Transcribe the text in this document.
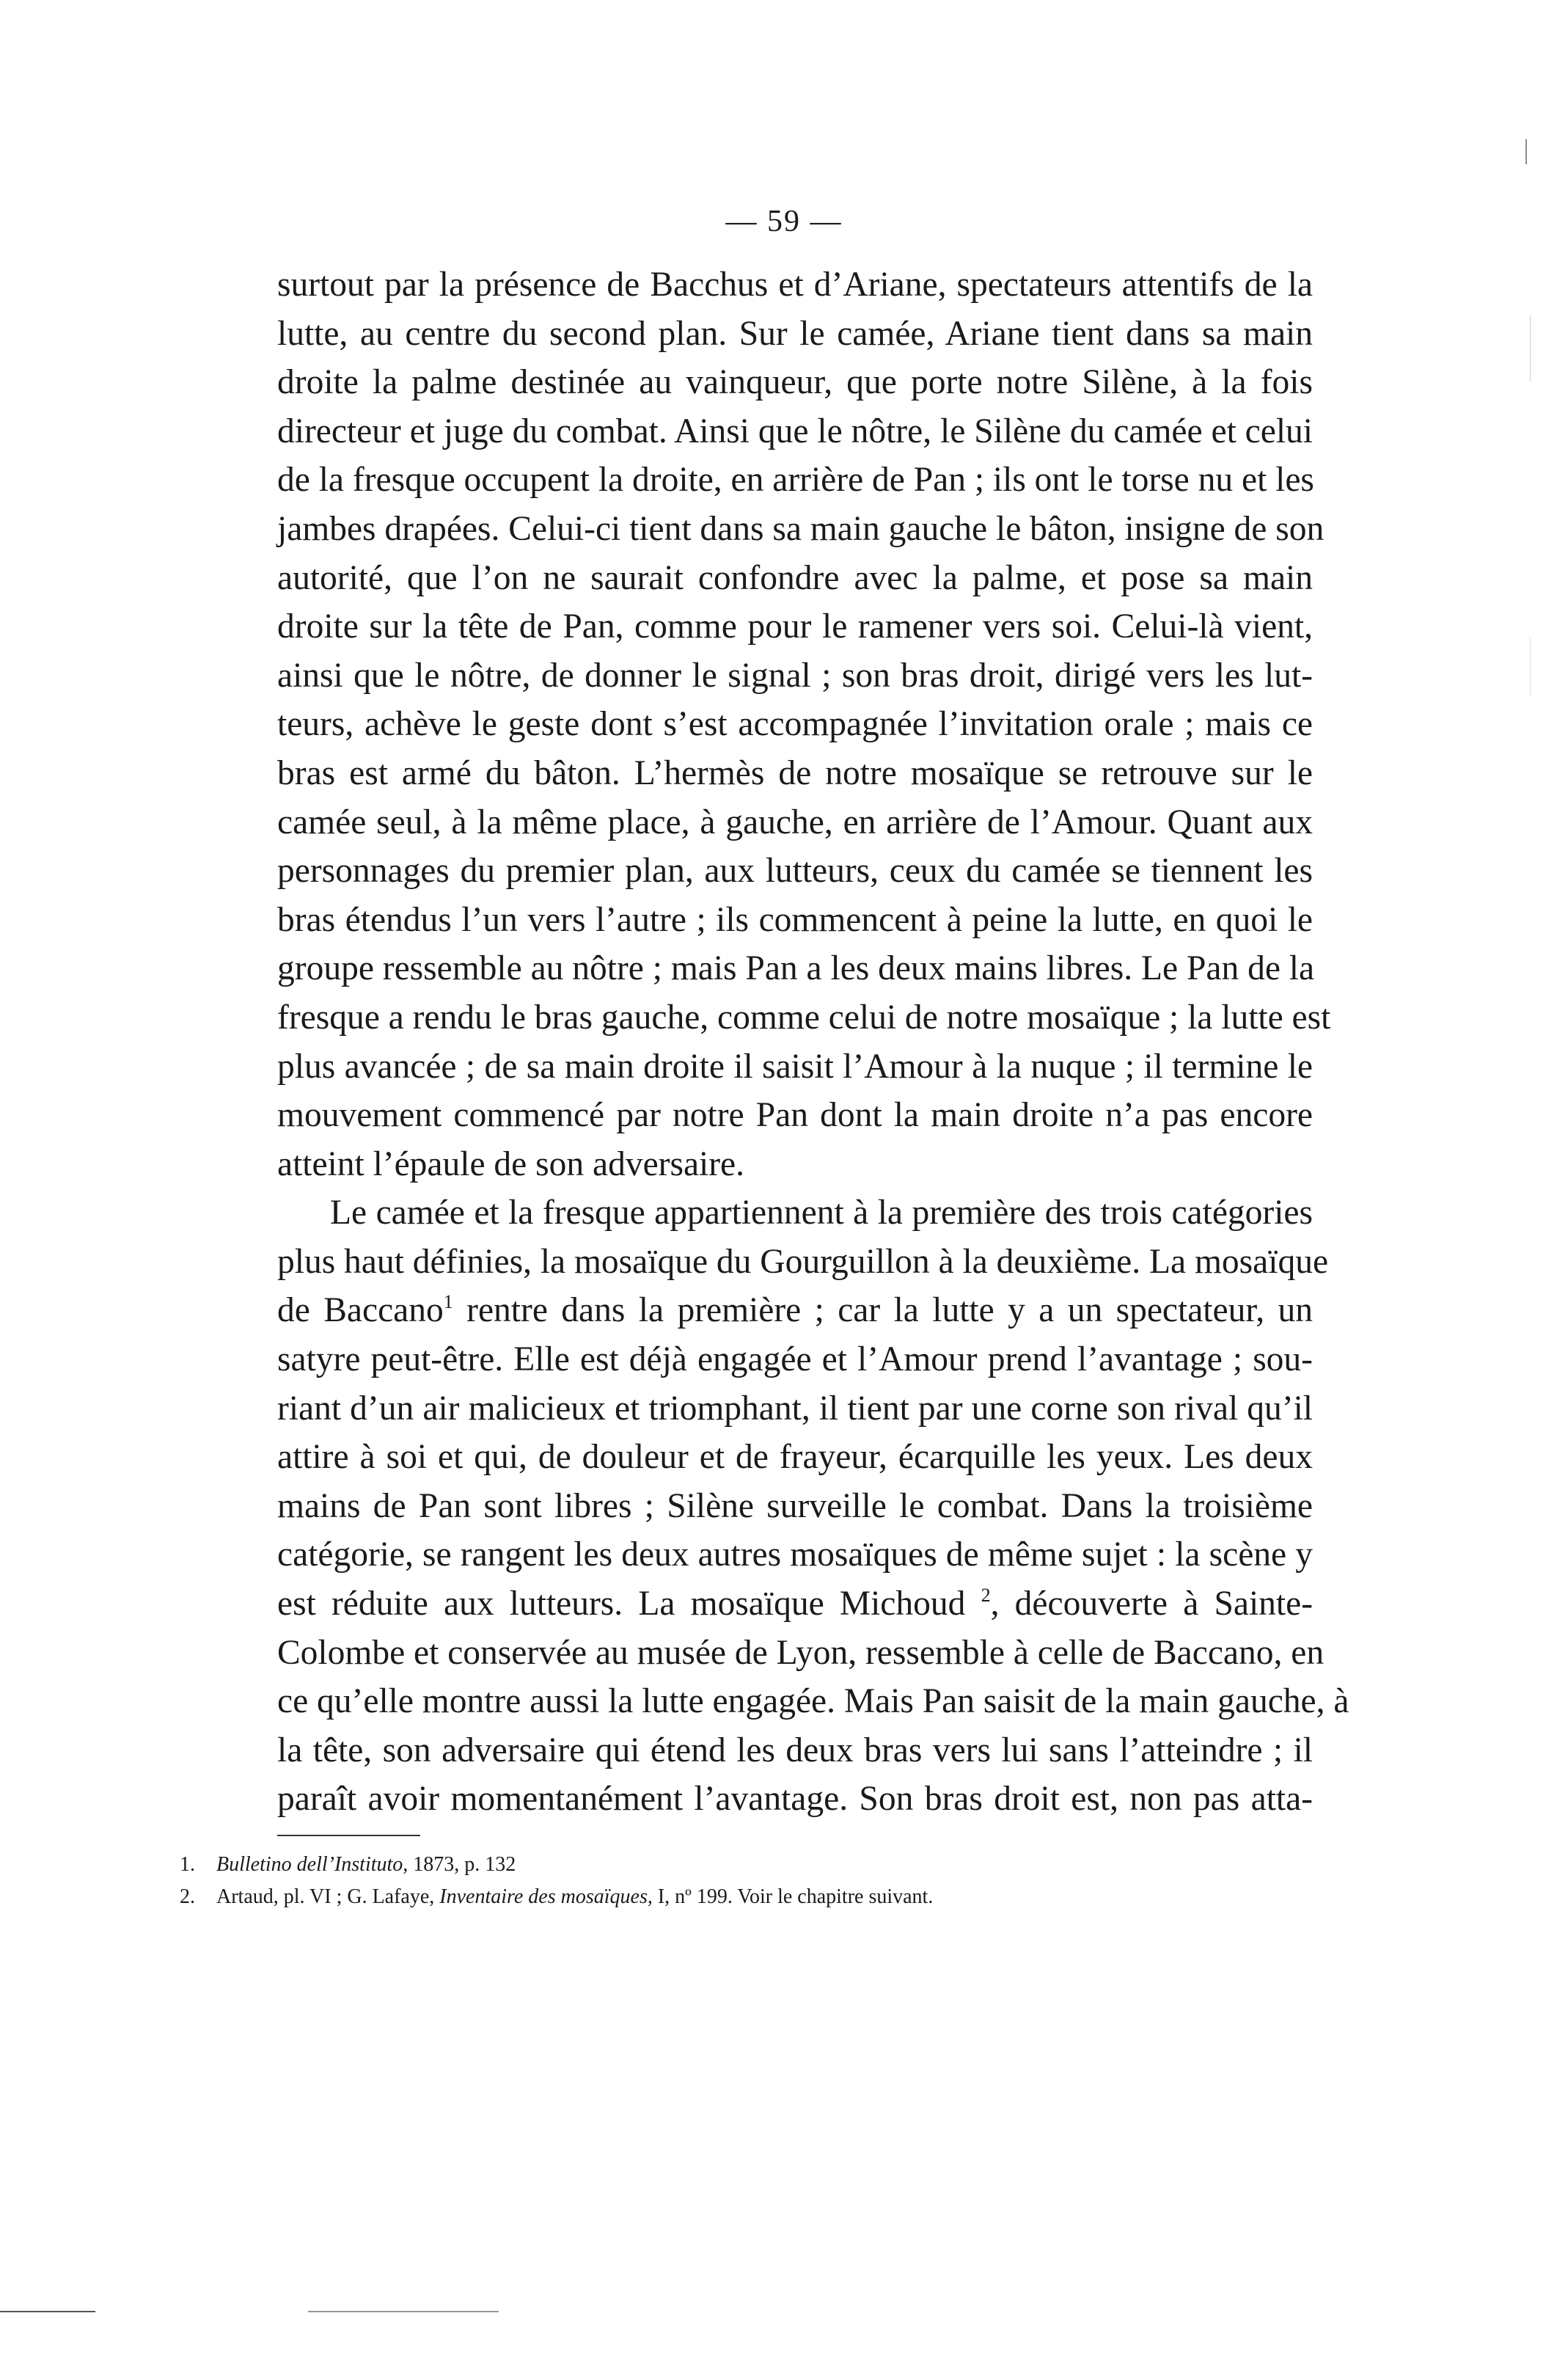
— 59 —
surtout par la présence de Bacchus et d’Ariane, spectateurs attentifs de la
lutte, au centre du second plan. Sur le camée, Ariane tient dans sa main
droite la palme destinée au vainqueur, que porte notre Silène, à la fois
directeur et juge du combat. Ainsi que le nôtre, le Silène du camée et celui
de la fresque occupent la droite, en arrière de Pan ; ils ont le torse nu et les
jambes drapées. Celui-ci tient dans sa main gauche le bâton, insigne de son
autorité, que l’on ne saurait confondre avec la palme, et pose sa main
droite sur la tête de Pan, comme pour le ramener vers soi. Celui-là vient,
ainsi que le nôtre, de donner le signal ; son bras droit, dirigé vers les lut-
teurs, achève le geste dont s’est accompagnée l’invitation orale ; mais ce
bras est armé du bâton. L’hermès de notre mosaïque se retrouve sur le
camée seul, à la même place, à gauche, en arrière de l’Amour. Quant aux
personnages du premier plan, aux lutteurs, ceux du camée se tiennent les
bras étendus l’un vers l’autre ; ils commencent à peine la lutte, en quoi le
groupe ressemble au nôtre ; mais Pan a les deux mains libres. Le Pan de la
fresque a rendu le bras gauche, comme celui de notre mosaïque ; la lutte est
plus avancée ; de sa main droite il saisit l’Amour à la nuque ; il termine le
mouvement commencé par notre Pan dont la main droite n’a pas encore
atteint l’épaule de son adversaire.
Le camée et la fresque appartiennent à la première des trois catégories
plus haut définies, la mosaïque du Gourguillon à la deuxième. La mosaïque
de Baccano$^1$ rentre dans la première ; car la lutte y a un spectateur, un
satyre peut-être. Elle est déjà engagée et l’Amour prend l’avantage ; sou-
riant d’un air malicieux et triomphant, il tient par une corne son rival qu’il
attire à soi et qui, de douleur et de frayeur, écarquille les yeux. Les deux
mains de Pan sont libres ; Silène surveille le combat. Dans la troisième
catégorie, se rangent les deux autres mosaïques de même sujet : la scène y
est réduite aux lutteurs. La mosaïque Michoud $^2$, découverte à Sainte-
Colombe et conservée au musée de Lyon, ressemble à celle de Baccano, en
ce qu’elle montre aussi la lutte engagée. Mais Pan saisit de la main gauche, à
la tête, son adversaire qui étend les deux bras vers lui sans l’atteindre ; il
paraît avoir momentanément l’avantage. Son bras droit est, non pas atta-
1. Bulletino dell’Instituto, 1873, p. 132
2. Artaud, pl. VI ; G. Lafaye, Inventaire des mosaïques, I, nº 199. Voir le chapitre suivant.
